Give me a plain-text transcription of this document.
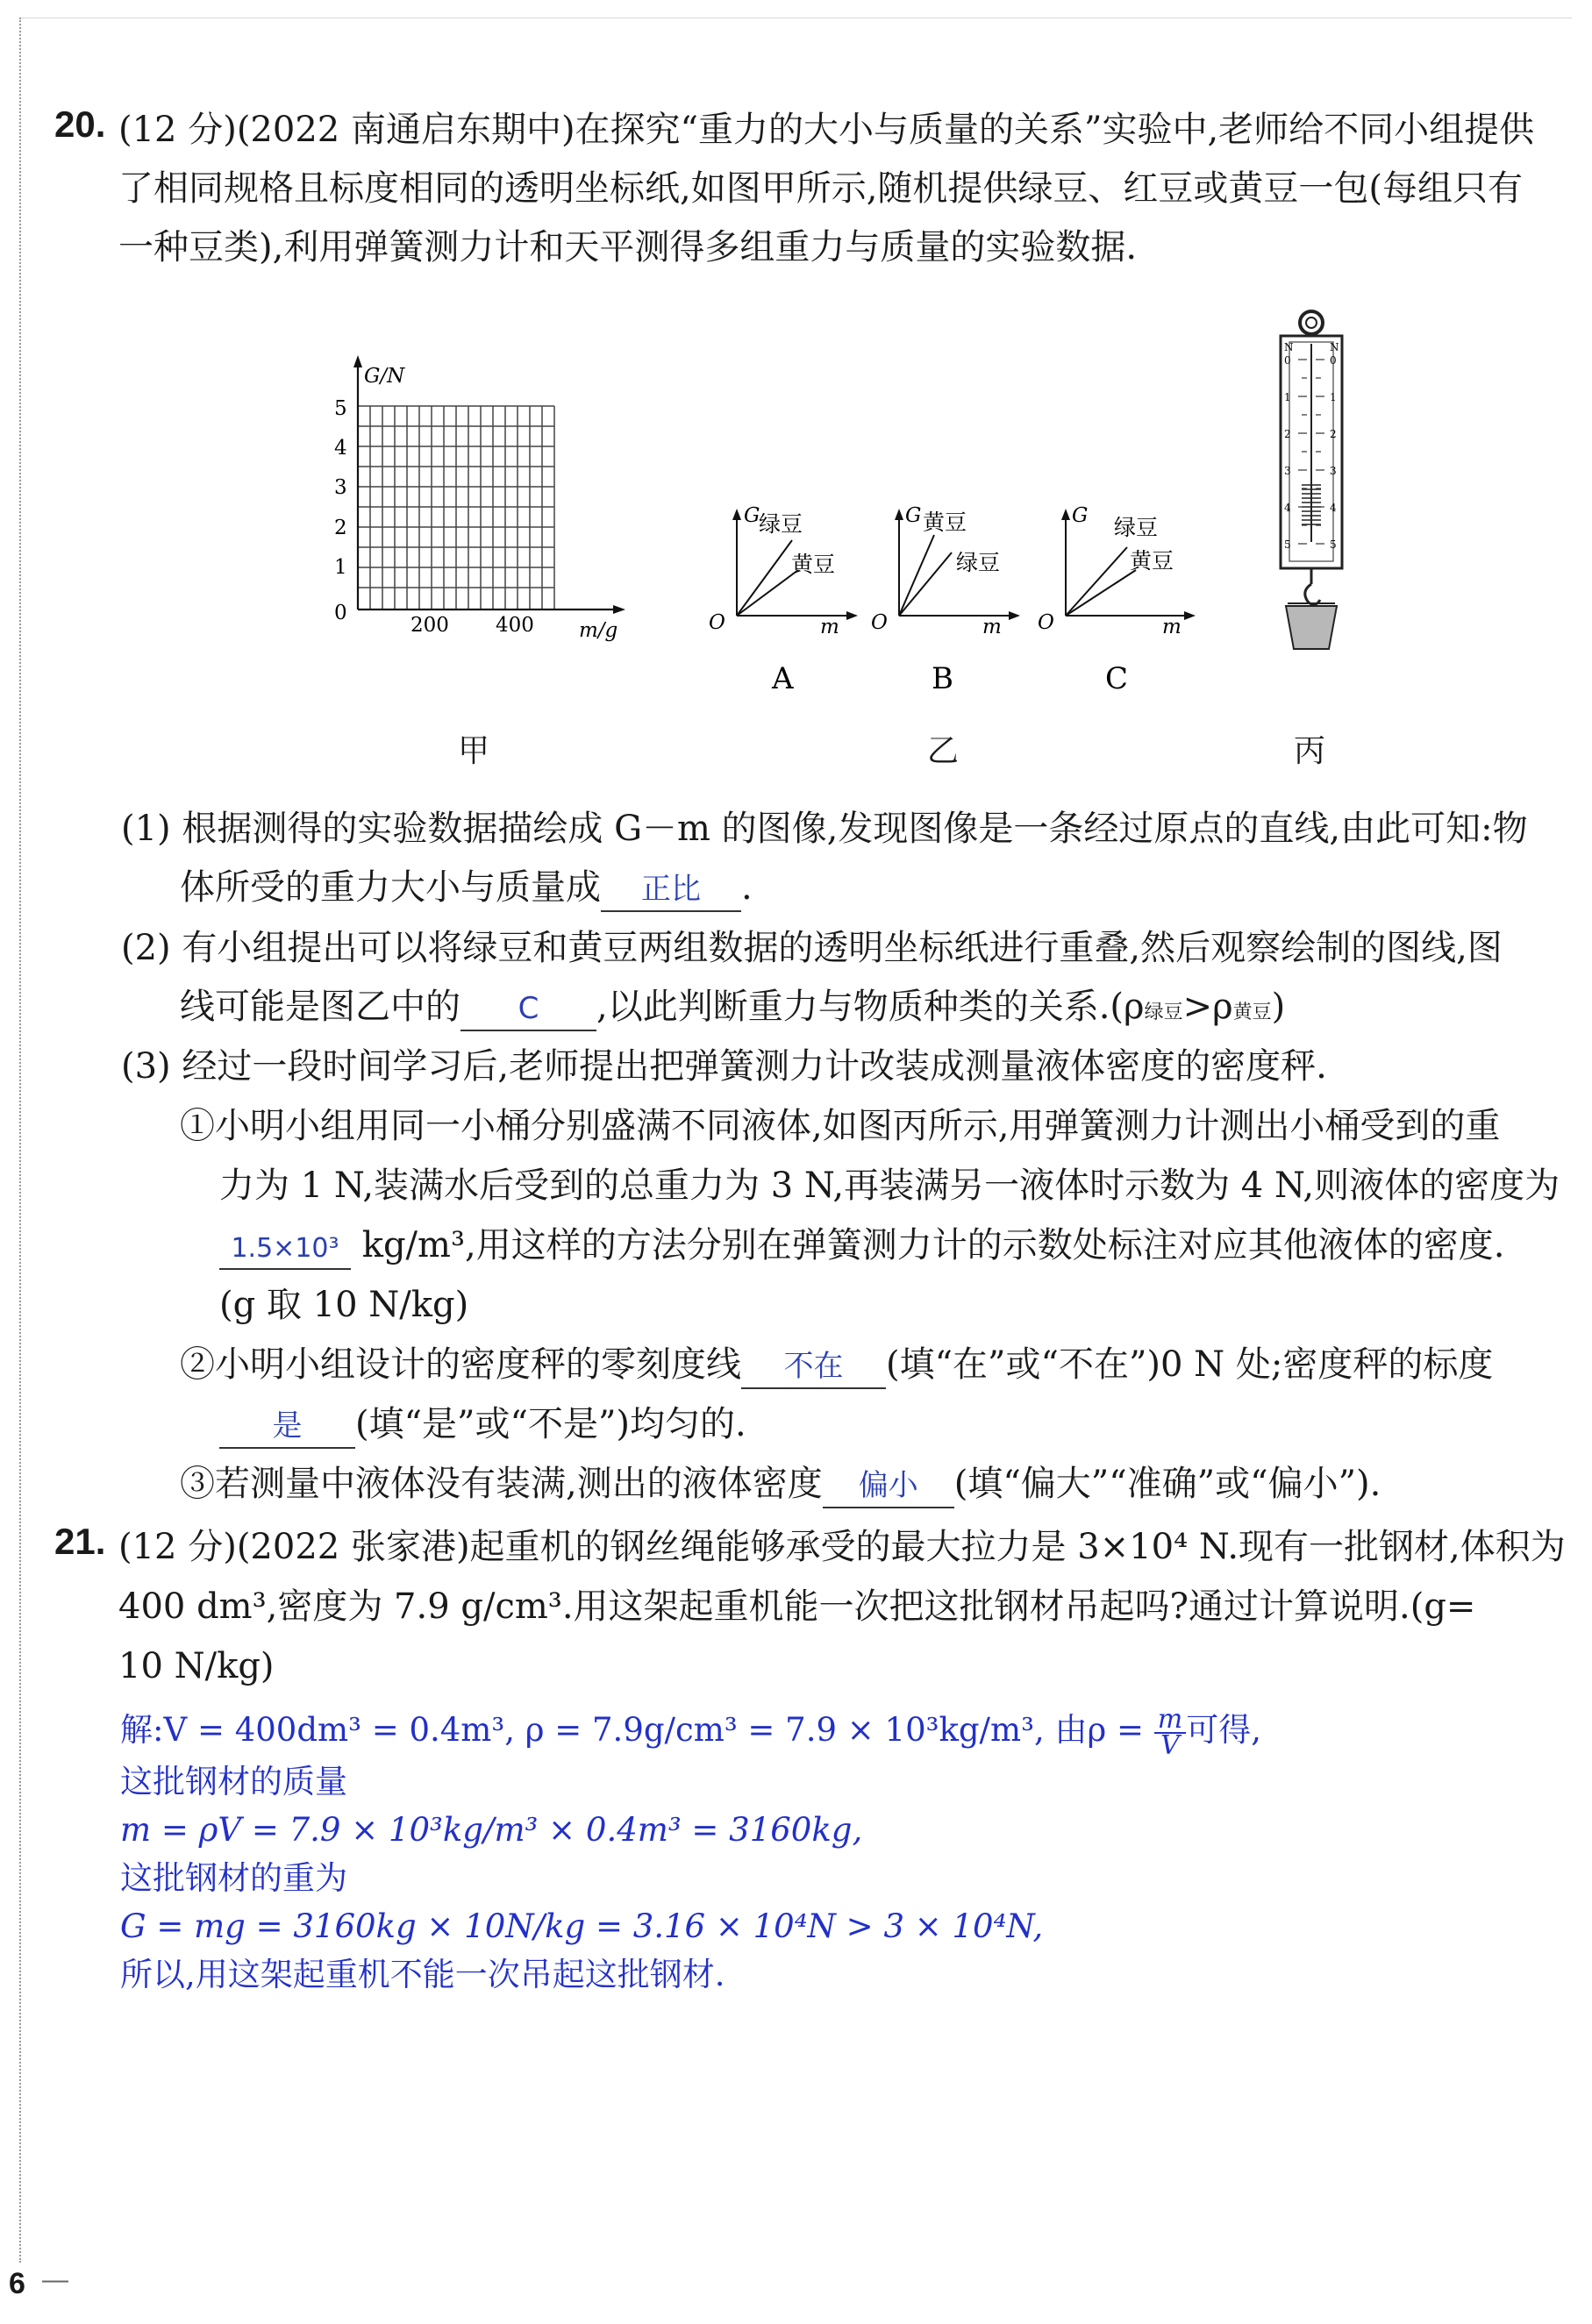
20. (12 分)(2022 南通启东期中)在探究“重力的大小与质量的关系”实验中,老师给不同小组提供
了相同规格且标度相同的透明坐标纸,如图甲所示,随机提供绿豆、红豆或黄豆一包(每组只有
一种豆类),利用弹簧测力计和天平测得多组重力与质量的实验数据.
G/N
5
4
3
2
1
0
200 400 m/g
甲
G
绿豆
黄豆
O	m
A
G 黄豆
绿豆
O	m
B
G 绿豆
黄豆
O	m
C
乙
N	N
0
1
2
3
4
5
0
1
2
3
4
5
丙
(1) 根据测得的实验数据描绘成 G－m 的图像,发现图像是一条经过原点的直线,由此可知:物
体所受的重力大小与质量成 正比 .
(2) 有小组提出可以将绿豆和黄豆两组数据的透明坐标纸进行重叠,然后观察绘制的图线,图
线可能是图乙中的 C ,以此判断重力与物质种类的关系.(ρ绿豆>ρ黄豆)
(3) 经过一段时间学习后,老师提出把弹簧测力计改装成测量液体密度的密度秤.
①小明小组用同一小桶分别盛满不同液体,如图丙所示,用弹簧测力计测出小桶受到的重
力为 1 N,装满水后受到的总重力为 3 N,再装满另一液体时示数为 4 N,则液体的密度为
1.5×10³ kg/m³,用这样的方法分别在弹簧测力计的示数处标注对应其他液体的密度.
(g 取 10 N/kg)
②小明小组设计的密度秤的零刻度线 不在 (填“在”或“不在”)0 N 处;密度秤的标度
是 (填“是”或“不是”)均匀的.
③若测量中液体没有装满,测出的液体密度 偏小 (填“偏大”“准确”或“偏小”).
21. (12 分)(2022 张家港)起重机的钢丝绳能够承受的最大拉力是 3×10⁴ N.现有一批钢材,体积为
400 dm³,密度为 7.9 g/cm³.用这架起重机能一次把这批钢材吊起吗?通过计算说明.(g=
10 N/kg)
解:V = 400dm³ = 0.4m³, ρ = 7.9g/cm³ = 7.9 × 10³kg/m³, 由$\rho = \frac{m}{V}$ 可得,
这批钢材的质量
m = ρV = 7.9 × 10³kg/m³ × 0.4m³ = 3160kg,
这批钢材的重为
G = mg = 3160kg × 10N/kg = 3.16 × 10⁴N > 3 × 10⁴N,
所以,用这架起重机不能一次吊起这批钢材.
6 —
